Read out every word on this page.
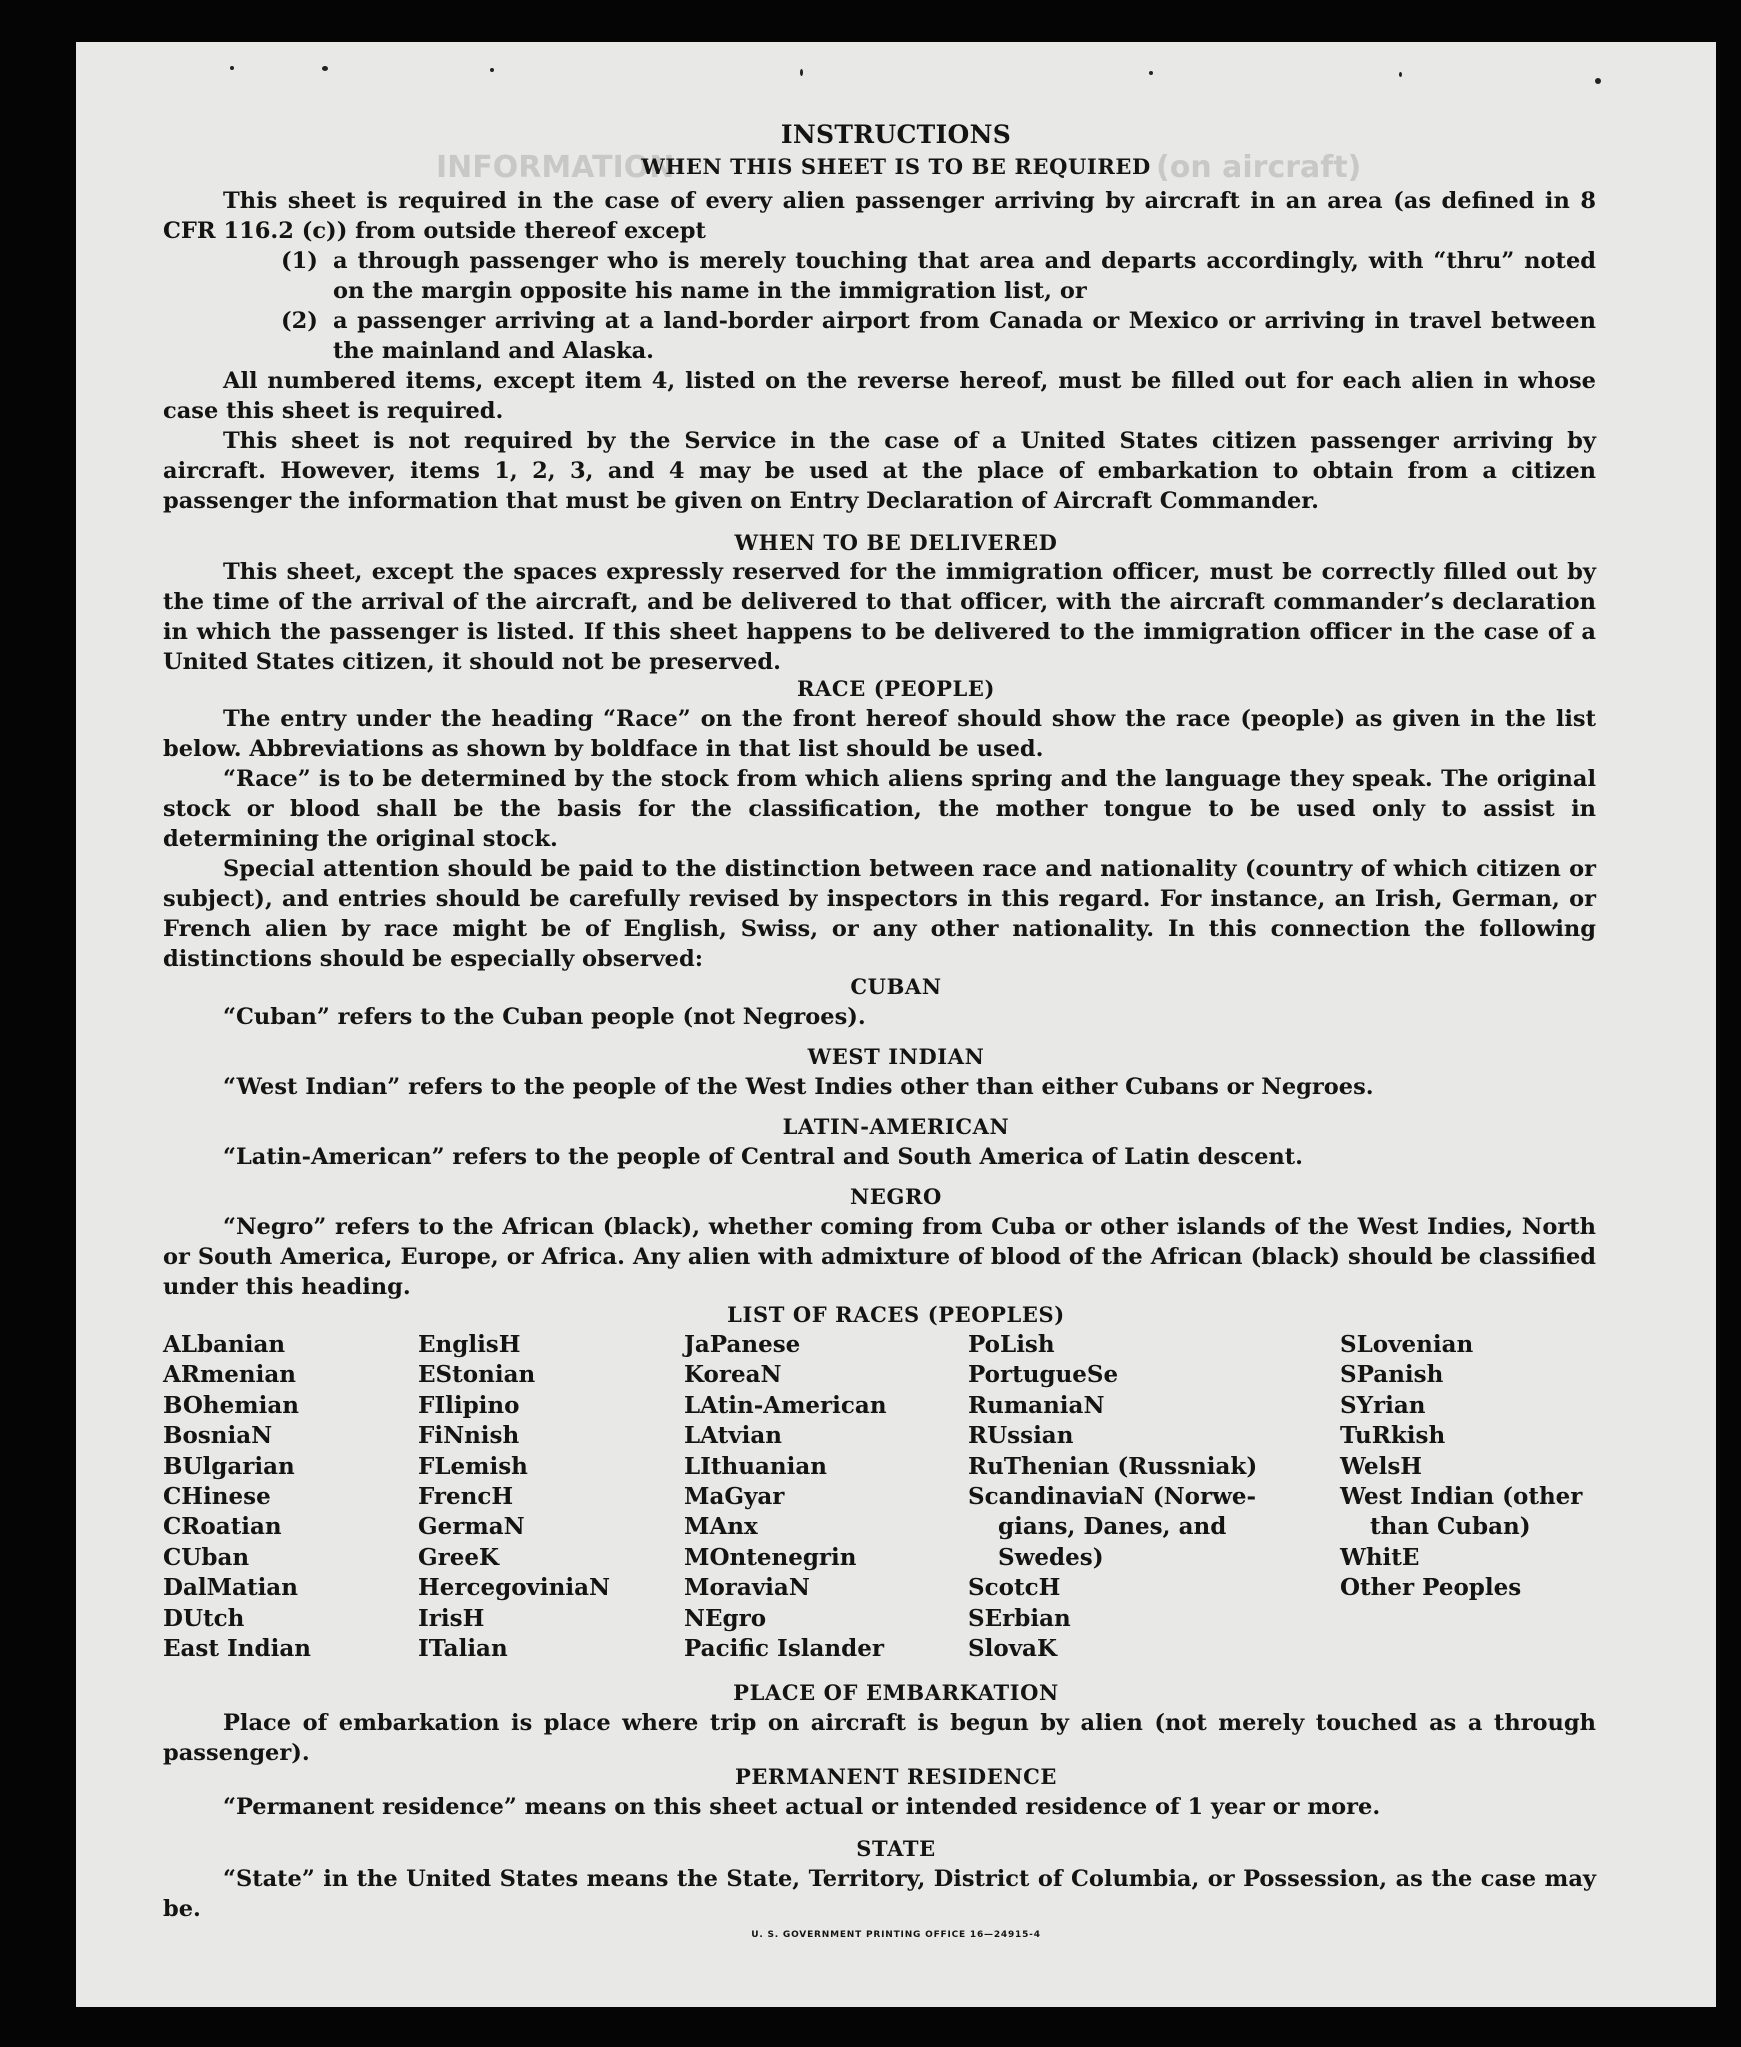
INFORMATION	(on aircraft)
INSTRUCTIONS
WHEN THIS SHEET IS TO BE REQUIRED

This sheet is required in the case of every alien passenger arriving by aircraft in an area (as defined in 8 CFR 116.2 (c)) from outside thereof except

(1) a through passenger who is merely touching that area and departs accordingly, with “thru” noted on the margin opposite his name in the immigration list, or
(2) a passenger arriving at a land-border airport from Canada or Mexico or arriving in travel between the mainland and Alaska.

All numbered items, except item 4, listed on the reverse hereof, must be filled out for each alien in whose case this sheet is required.

This sheet is not required by the Service in the case of a United States citizen passenger arriving by aircraft. However, items 1, 2, 3, and 4 may be used at the place of embarkation to obtain from a citizen passenger the information that must be given on Entry Declaration of Aircraft Commander.

WHEN TO BE DELIVERED

This sheet, except the spaces expressly reserved for the immigration officer, must be correctly filled out by the time of the arrival of the aircraft, and be delivered to that officer, with the aircraft commander’s declaration in which the passenger is listed. If this sheet happens to be delivered to the immigration officer in the case of a United States citizen, it should not be preserved.

RACE (PEOPLE)

The entry under the heading “Race” on the front hereof should show the race (people) as given in the list below. Abbreviations as shown by boldface in that list should be used.

“Race” is to be determined by the stock from which aliens spring and the language they speak. The original stock or blood shall be the basis for the classification, the mother tongue to be used only to assist in determining the original stock.

Special attention should be paid to the distinction between race and nationality (country of which citizen or subject), and entries should be carefully revised by inspectors in this regard. For instance, an Irish, German, or French alien by race might be of English, Swiss, or any other nationality. In this connection the following distinctions should be especially observed:

CUBAN

“Cuban” refers to the Cuban people (not Negroes).

WEST INDIAN

“West Indian” refers to the people of the West Indies other than either Cubans or Negroes.

LATIN-AMERICAN

“Latin-American” refers to the people of Central and South America of Latin descent.

NEGRO

“Negro” refers to the African (black), whether coming from Cuba or other islands of the West Indies, North or South America, Europe, or Africa. Any alien with admixture of blood of the African (black) should be classified under this heading.

LIST OF RACES (PEOPLES)
ALbanian
ARmenian
BOhemian
BosniaN
BUlgarian
CHinese
CRoatian
CUban
DalMatian
DUtch
East Indian
EnglisH
EStonian
FIlipino
FiNnish
FLemish
FrencH
GermaN
GreeK
HercegoviniaN
IrisH
ITalian
JaPanese
KoreaN
LAtin-American
LAtvian
LIthuanian
MaGyar
MAnx
MOntenegrin
MoraviaN
NEgro
Pacific Islander
PoLish
PortugueSe
RumaniaN
RUssian
RuThenian (Russniak)
ScandinaviaN (Norwe-
gians, Danes, and
Swedes)
ScotcH
SErbian
SlovaK
SLovenian
SPanish
SYrian
TuRkish
WelsH
West Indian (other
than Cuban)
WhitE
Other Peoples
PLACE OF EMBARKATION

Place of embarkation is place where trip on aircraft is begun by alien (not merely touched as a through passenger).

PERMANENT RESIDENCE

“Permanent residence” means on this sheet actual or intended residence of 1 year or more.

STATE

“State” in the United States means the State, Territory, District of Columbia, or Possession, as the case may be.

U. S. GOVERNMENT PRINTING OFFICE 16—24915-4
